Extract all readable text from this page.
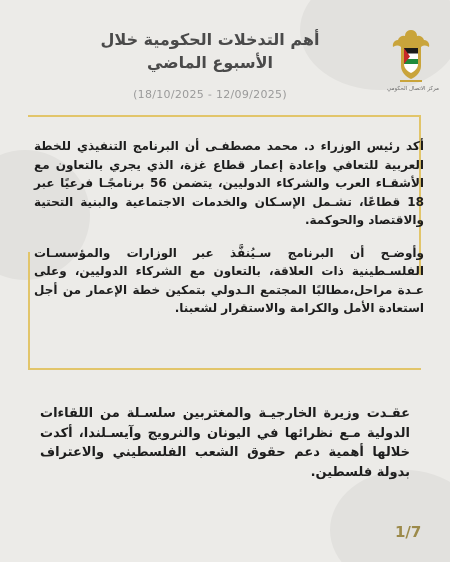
أهم التدخلات الحكومية خلال
الأسبوع الماضي
(12/09/2025 - 18/10/2025)	مركز الاتصال الحكومي

أكد رئيس الوزراء د. محمد مصطفـى أن البرنامج التنفيذي للخطة العربية للتعافي وإعادة إعمار قطاع غزة، الذي يجري بالتعاون مع الأشقـاء العرب والشركاء الدوليين، يتضمن 56 برنامجًـا فرعيًا عبر 18 قطاعًا، تشـمل الإسـكان والخدمات الاجتماعية والبنية التحتية والاقتصاد والحوكمة.

وأوضـح أن البرنامج سـيُنفَّذ عبر الوزارات والمؤسسـات الفلسـطينية ذات العلاقة، بالتعاون مع الشركاء الدوليين، وعلى عـدة مراحل،مطالبًا المجتمع الـدولي بتمكين خطة الإعمار من أجل استعادة الأمل والكرامة والاستقرار لشعبنا.

عقـدت وزيرة الخارجيـة والمغتربين سلسـلة من اللقاءات الدولية مـع نظرائها في اليونان والنرويج وآيسـلندا، أكدت خلالها أهمية دعم حقوق الشعب الفلسطيني والاعتراف بدولة فلسطين.
1/7
